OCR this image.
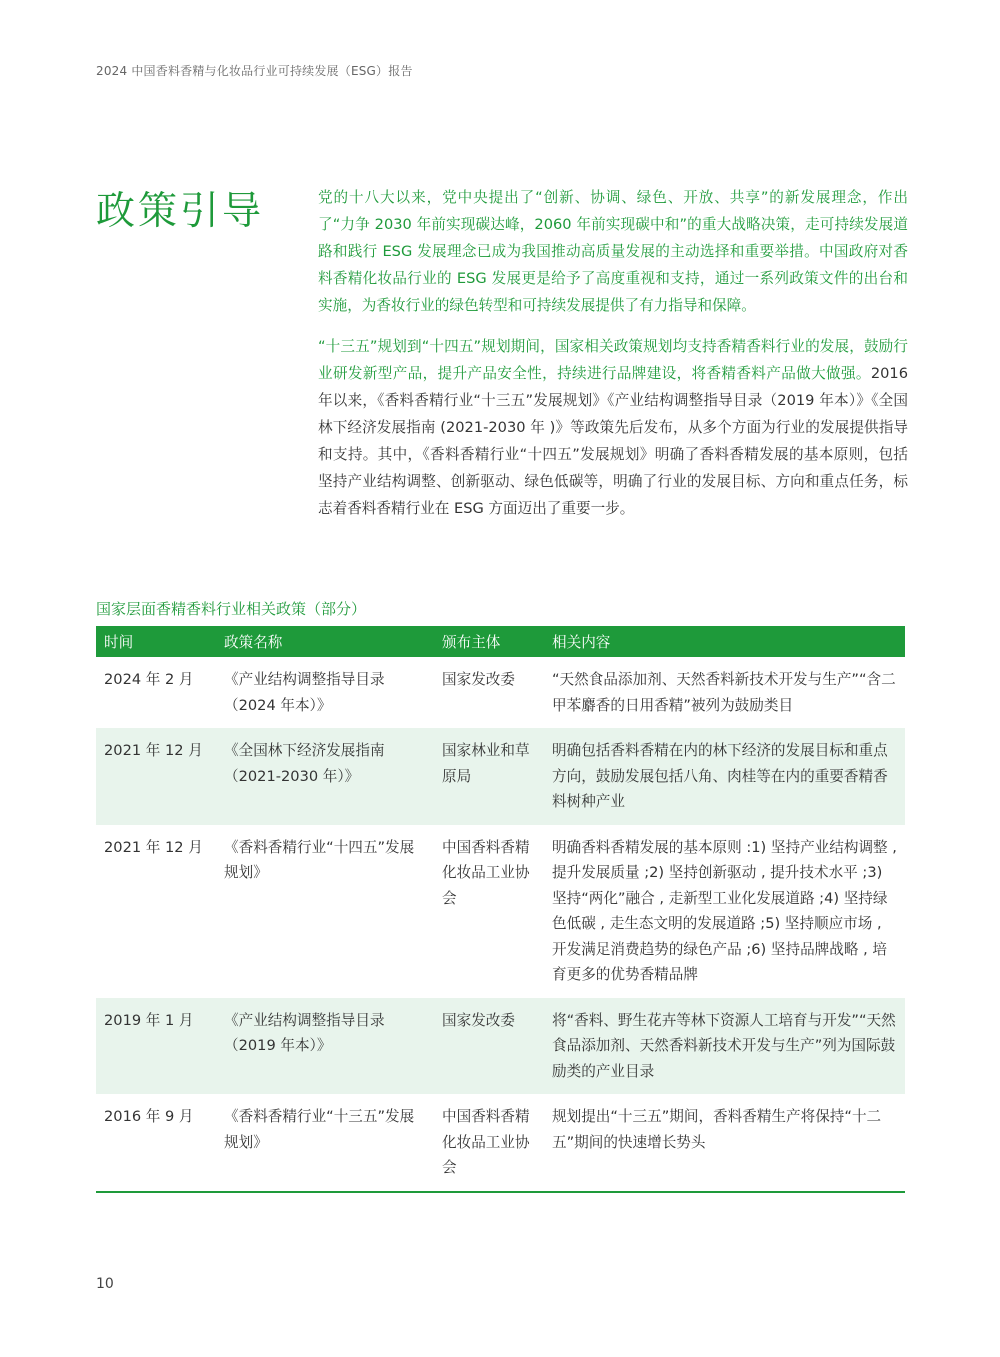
2024 中国香料香精与化妆品行业可持续发展（ESG）报告
政策引导	党的十八大以来，党中央提出了“创新、协调、绿色、开放、共享”的新发展理念，作出了“力争 2030 年前实现碳达峰，2060 年前实现碳中和”的重大战略决策，走可持续发展道路和践行 ESG 发展理念已成为我国推动高质量发展的主动选择和重要举措。中国政府对香料香精化妆品行业的 ESG 发展更是给予了高度重视和支持，通过一系列政策文件的出台和实施，为香妆行业的绿色转型和可持续发展提供了有力指导和保障。

“十三五”规划到“十四五”规划期间，国家相关政策规划均支持香精香料行业的发展，鼓励行业研发新型产品，提升产品安全性，持续进行品牌建设，将香精香料产品做大做强。2016 年以来，《香料香精行业“十三五”发展规划》《产业结构调整指导目录（2019 年本）》《全国林下经济发展指南 (2021-2030 年 )》等政策先后发布，从多个方面为行业的发展提供指导和支持。其中，《香料香精行业“十四五”发展规划》明确了香料香精发展的基本原则，包括坚持产业结构调整、创新驱动、绿色低碳等，明确了行业的发展目标、方向和重点任务，标志着香料香精行业在 ESG 方面迈出了重要一步。

国家层面香精香料行业相关政策（部分）
时间	政策名称	颁布主体	相关内容
2024 年 2 月	《产业结构调整指导目录（2024 年本）》	国家发改委	“天然食品添加剂、天然香料新技术开发与生产”“含二甲苯麝香的日用香精”被列为鼓励类目
2021 年 12 月	《全国林下经济发展指南（2021-2030 年）》	国家林业和草原局	明确包括香料香精在内的林下经济的发展目标和重点方向，鼓励发展包括八角、肉桂等在内的重要香精香料树种产业
2021 年 12 月	《香料香精行业“十四五”发展规划》	中国香料香精化妆品工业协会	明确香料香精发展的基本原则 :1) 坚持产业结构调整 , 提升发展质量 ;2) 坚持创新驱动 , 提升技术水平 ;3) 坚持“两化”融合 , 走新型工业化发展道路 ;4) 坚持绿色低碳 , 走生态文明的发展道路 ;5) 坚持顺应市场 , 开发满足消费趋势的绿色产品 ;6) 坚持品牌战略 , 培育更多的优势香精品牌
2019 年 1 月	《产业结构调整指导目录（2019 年本）》	国家发改委	将“香料、野生花卉等林下资源人工培育与开发”“天然食品添加剂、天然香料新技术开发与生产”列为国际鼓励类的产业目录
2016 年 9 月	《香料香精行业“十三五”发展规划》	中国香料香精化妆品工业协会	规划提出“十三五”期间，香料香精生产将保持“十二五”期间的快速增长势头
10
